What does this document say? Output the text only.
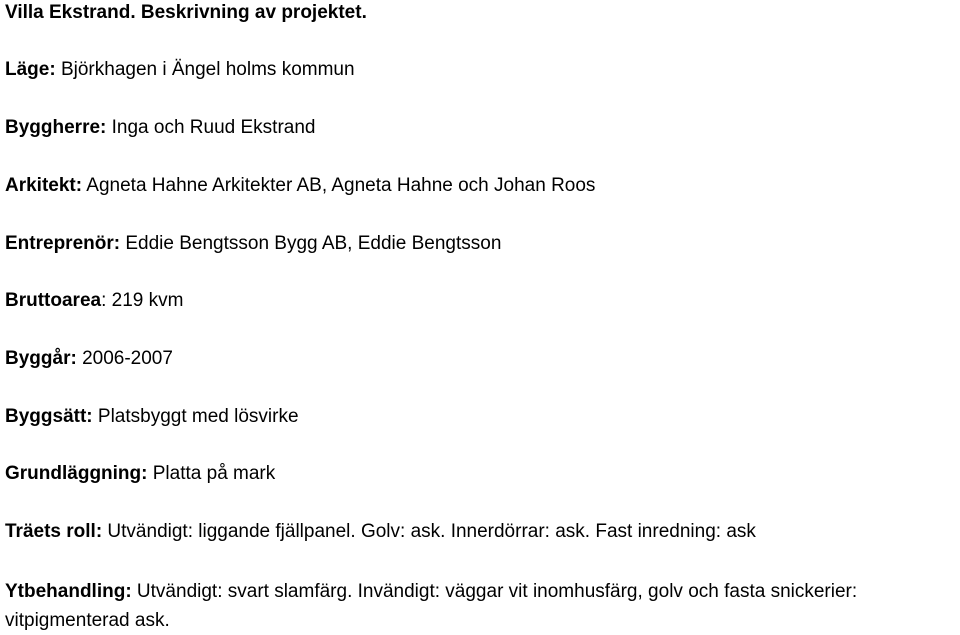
Villa Ekstrand. Beskrivning av projektet.

Läge: Björkhagen i Ängel holms kommun

Byggherre: Inga och Ruud Ekstrand

Arkitekt: Agneta Hahne Arkitekter AB, Agneta Hahne och Johan Roos

Entreprenör: Eddie Bengtsson Bygg AB, Eddie Bengtsson

Bruttoarea: 219 kvm

Byggår: 2006-2007

Byggsätt: Platsbyggt med lösvirke

Grundläggning: Platta på mark

Träets roll: Utvändigt: liggande fjällpanel. Golv: ask. Innerdörrar: ask. Fast inredning: ask

Ytbehandling: Utvändigt: svart slamfärg. Invändigt: väggar vit inomhusfärg, golv och fasta snickerier: vitpigmenterad ask.
